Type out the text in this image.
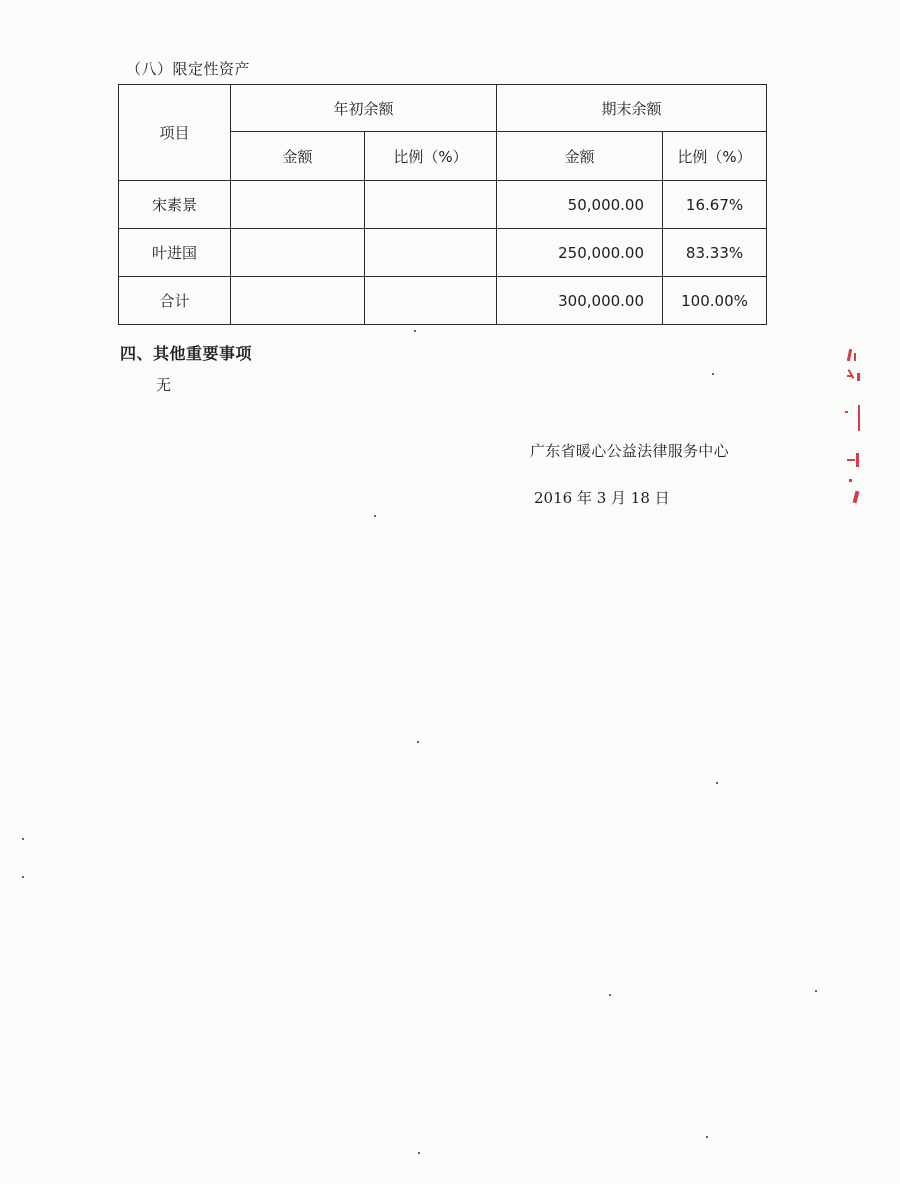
（八）限定性资产
项目	年初余额		期末余额	
	金额	比例（%）	金额	比例（%）
宋素景			50,000.00	16.67%
叶进国			250,000.00	83.33%
合计			300,000.00	100.00%
四、其他重要事项
无
广东省暖心公益法律服务中心
2016 年 3 月 18 日
